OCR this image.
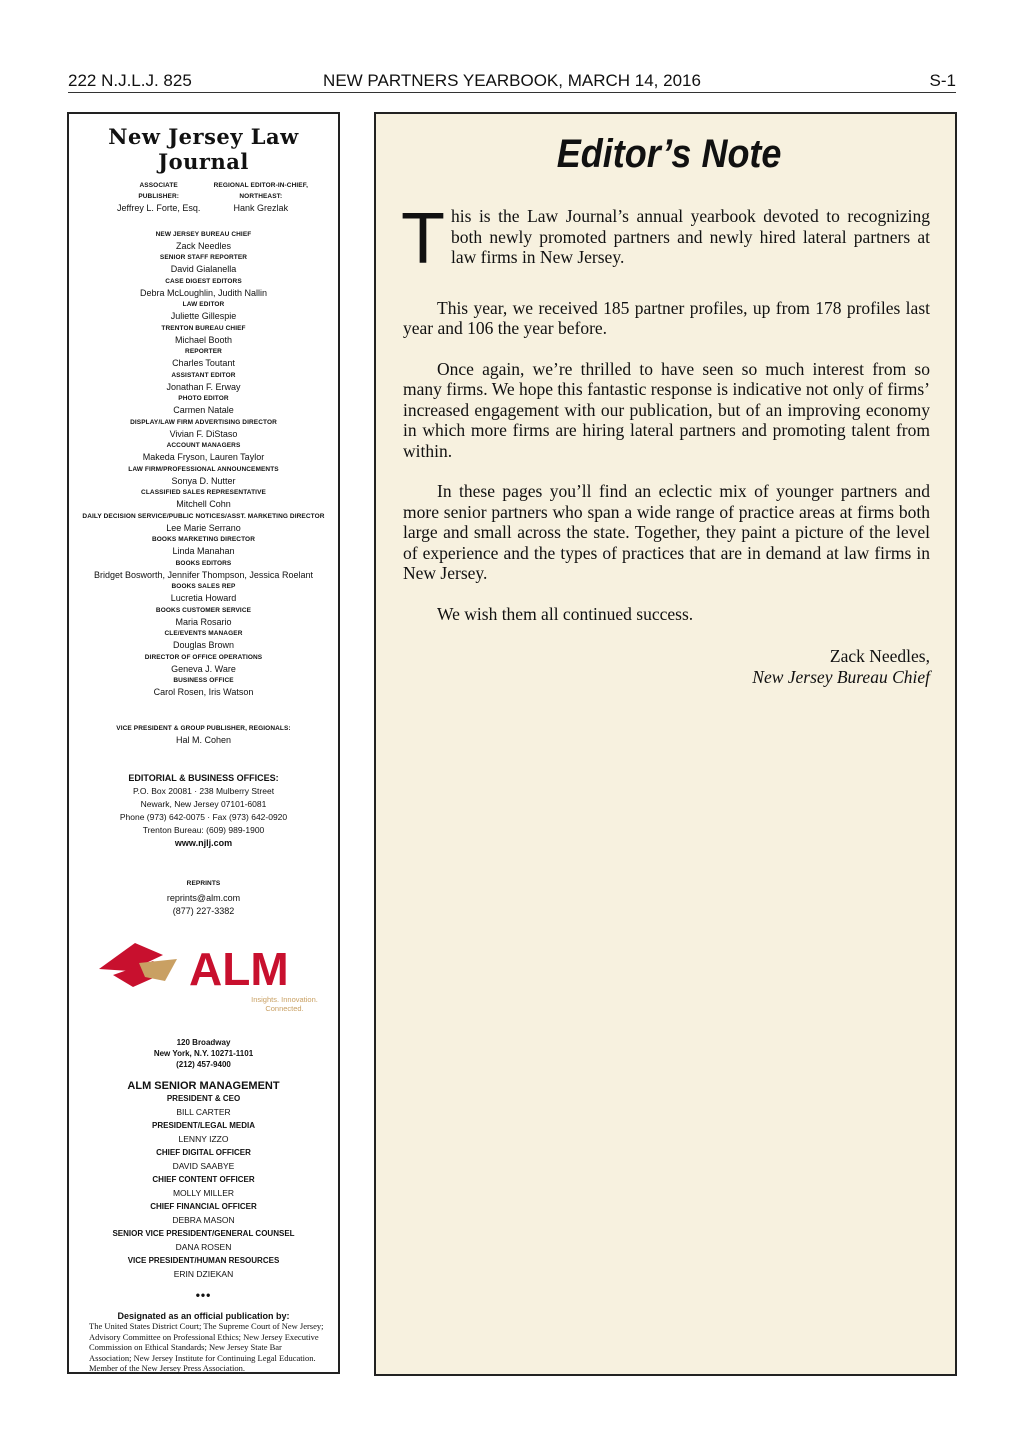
222 N.J.L.J. 825	NEW PARTNERS YEARBOOK, MARCH 14, 2016	S-1
New Jersey Law Journal
ASSOCIATE
PUBLISHER:
Jeffrey L. Forte, Esq.
REGIONAL EDITOR-IN-CHIEF,
NORTHEAST:
Hank Grezlak
NEW JERSEY BUREAU CHIEF
Zack Needles
SENIOR STAFF REPORTER
David Gialanella
CASE DIGEST EDITORS
Debra McLoughlin, Judith Nallin
LAW EDITOR
Juliette Gillespie
TRENTON BUREAU CHIEF
Michael Booth
REPORTER
Charles Toutant
ASSISTANT EDITOR
Jonathan F. Erway
PHOTO EDITOR
Carmen Natale
DISPLAY/LAW FIRM ADVERTISING DIRECTOR
Vivian F. DiStaso
ACCOUNT MANAGERS
Makeda Fryson, Lauren Taylor
LAW FIRM/PROFESSIONAL ANNOUNCEMENTS
Sonya D. Nutter
CLASSIFIED SALES REPRESENTATIVE
Mitchell Cohn
DAILY DECISION SERVICE/PUBLIC NOTICES/ASST. MARKETING DIRECTOR
Lee Marie Serrano
BOOKS MARKETING DIRECTOR
Linda Manahan
BOOKS EDITORS
Bridget Bosworth, Jennifer Thompson, Jessica Roelant
BOOKS SALES REP
Lucretia Howard
BOOKS CUSTOMER SERVICE
Maria Rosario
CLE/EVENTS MANAGER
Douglas Brown
DIRECTOR OF OFFICE OPERATIONS
Geneva J. Ware
BUSINESS OFFICE
Carol Rosen, Iris Watson
VICE PRESIDENT & GROUP PUBLISHER, REGIONALS:
Hal M. Cohen
EDITORIAL & BUSINESS OFFICES:
P.O. Box 20081 · 238 Mulberry Street
Newark, New Jersey 07101-6081
Phone (973) 642-0075 · Fax (973) 642-0920
Trenton Bureau: (609) 989-1900
www.njlj.com
REPRINTS
reprints@alm.com
(877) 227-3382
ALM
Insights. Innovation. Connected.
120 Broadway
New York, N.Y. 10271-1101
(212) 457-9400
ALM SENIOR MANAGEMENT
PRESIDENT & CEO
BILL CARTER
PRESIDENT/LEGAL MEDIA
LENNY IZZO
CHIEF DIGITAL OFFICER
DAVID SAABYE
CHIEF CONTENT OFFICER
MOLLY MILLER
CHIEF FINANCIAL OFFICER
DEBRA MASON
SENIOR VICE PRESIDENT/GENERAL COUNSEL
DANA ROSEN
VICE PRESIDENT/HUMAN RESOURCES
ERIN DZIEKAN
•••
Designated as an official publication by:
The United States District Court; The Supreme Court of New Jersey; Advisory Committee on Professional Ethics; New Jersey Executive Commission on Ethical Standards; New Jersey State Bar Association; New Jersey Institute for Continuing Legal Education. Member of the New Jersey Press Association.
Editor’s Note

This is the Law Journal’s annual yearbook devoted to recognizing both newly promoted partners and newly hired lateral partners at law firms in New Jersey.

This year, we received 185 partner profiles, up from 178 profiles last year and 106 the year before.

Once again, we’re thrilled to have seen so much interest from so many firms. We hope this fantastic response is indicative not only of firms’ increased engagement with our publication, but of an improving economy in which more firms are hiring lateral partners and promoting talent from within.

In these pages you’ll find an eclectic mix of younger partners and more senior partners who span a wide range of practice areas at firms both large and small across the state. Together, they paint a picture of the level of experience and the types of practices that are in demand at law firms in New Jersey.

We wish them all continued success.

Zack Needles,
New Jersey Bureau Chief
